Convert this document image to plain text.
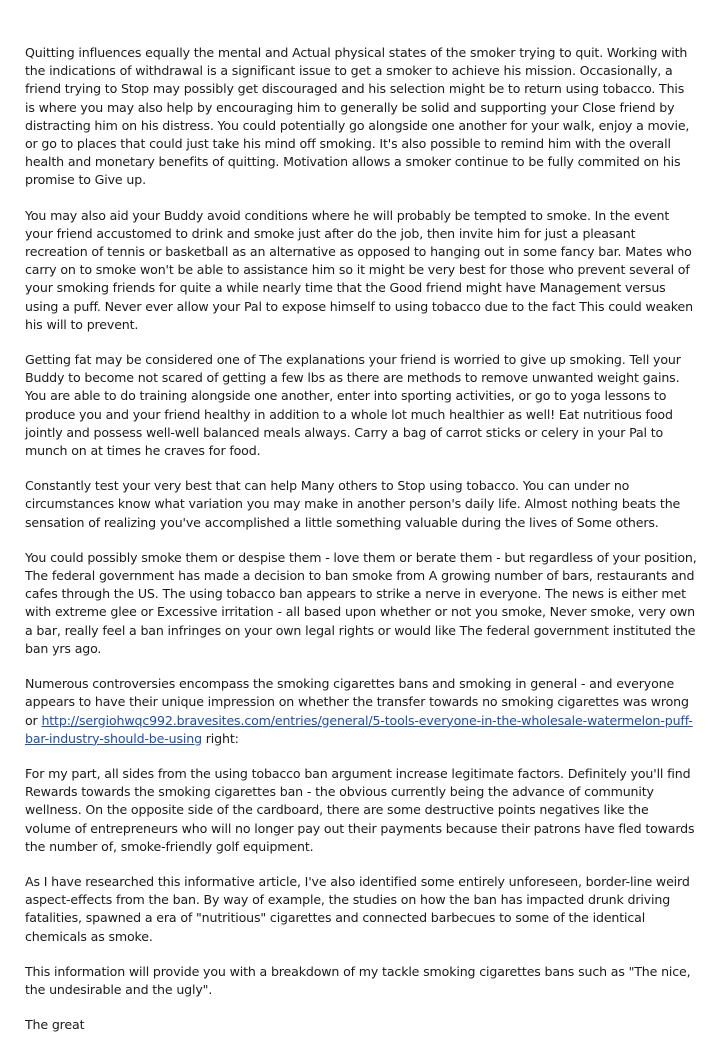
Quitting influences equally the mental and Actual physical states of the smoker trying to quit. Working with the indications of withdrawal is a significant issue to get a smoker to achieve his mission. Occasionally, a friend trying to Stop may possibly get discouraged and his selection might be to return using tobacco. This is where you may also help by encouraging him to generally be solid and supporting your Close friend by distracting him on his distress. You could potentially go alongside one another for your walk, enjoy a movie, or go to places that could just take his mind off smoking. It's also possible to remind him with the overall health and monetary benefits of quitting. Motivation allows a smoker continue to be fully commited on his promise to Give up.

You may also aid your Buddy avoid conditions where he will probably be tempted to smoke. In the event your friend accustomed to drink and smoke just after do the job, then invite him for just a pleasant recreation of tennis or basketball as an alternative as opposed to hanging out in some fancy bar. Mates who carry on to smoke won't be able to assistance him so it might be very best for those who prevent several of your smoking friends for quite a while nearly time that the Good friend might have Management versus using a puff. Never ever allow your Pal to expose himself to using tobacco due to the fact This could weaken his will to prevent.

Getting fat may be considered one of The explanations your friend is worried to give up smoking. Tell your Buddy to become not scared of getting a few lbs as there are methods to remove unwanted weight gains. You are able to do training alongside one another, enter into sporting activities, or go to yoga lessons to produce you and your friend healthy in addition to a whole lot much healthier as well! Eat nutritious food jointly and possess well-well balanced meals always. Carry a bag of carrot sticks or celery in your Pal to munch on at times he craves for food.

Constantly test your very best that can help Many others to Stop using tobacco. You can under no circumstances know what variation you may make in another person's daily life. Almost nothing beats the sensation of realizing you've accomplished a little something valuable during the lives of Some others.

You could possibly smoke them or despise them - love them or berate them - but regardless of your position, The federal government has made a decision to ban smoke from A growing number of bars, restaurants and cafes through the US. The using tobacco ban appears to strike a nerve in everyone. The news is either met with extreme glee or Excessive irritation - all based upon whether or not you smoke, Never smoke, very own a bar, really feel a ban infringes on your own legal rights or would like The federal government instituted the ban yrs ago.

Numerous controversies encompass the smoking cigarettes bans and smoking in general - and everyone appears to have their unique impression on whether the transfer towards no smoking cigarettes was wrong or http://sergiohwqc992.bravesites.com/entries/general/5-tools-everyone-in-the-wholesale-watermelon-puff-bar-industry-should-be-using right:

For my part, all sides from the using tobacco ban argument increase legitimate factors. Definitely you'll find Rewards towards the smoking cigarettes ban - the obvious currently being the advance of community wellness. On the opposite side of the cardboard, there are some destructive points negatives like the volume of entrepreneurs who will no longer pay out their payments because their patrons have fled towards the number of, smoke-friendly golf equipment.

As I have researched this informative article, I've also identified some entirely unforeseen, border-line weird aspect-effects from the ban. By way of example, the studies on how the ban has impacted drunk driving fatalities, spawned a era of "nutritious" cigarettes and connected barbecues to some of the identical chemicals as smoke.

This information will provide you with a breakdown of my tackle smoking cigarettes bans such as "The nice, the undesirable and the ugly".

The great
